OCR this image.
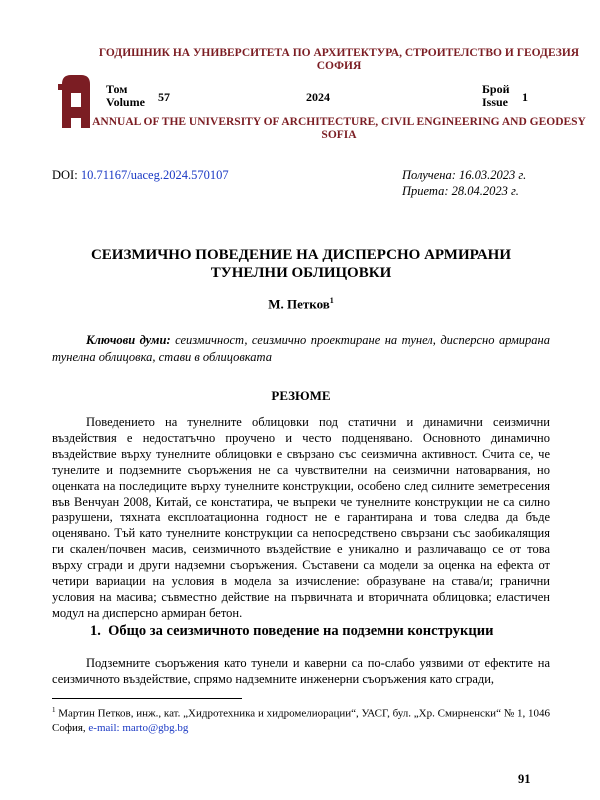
ГОДИШНИК НА УНИВЕРСИТЕТА ПО АРХИТЕКТУРА, СТРОИТЕЛСТВО И ГЕОДЕЗИЯ СОФИЯ
Том
Volume 57	2024
Брой
Issue 1
ANNUAL OF THE UNIVERSITY OF ARCHITECTURE, CIVIL ENGINEERING AND GEODESY SOFIA
DOI: 10.71167/uaceg.2024.570107	Получена: 16.03.2023 г.
Приета: 28.04.2023 г.
СЕИЗМИЧНО ПОВЕДЕНИЕ НА ДИСПЕРСНО АРМИРАНИ ТУНЕЛНИ ОБЛИЦОВКИ
М. Петков$^1$
Ключови думи: сеизмичност, сеизмично проектиране на тунел, дисперсно армирана тунелна облицовка, стави в облицовката
РЕЗЮМЕ

Поведението на тунелните облицовки под статични и динамични сеизмични въздействия е недостатъчно проучено и често подценявано. Основното динамично въздействие върху тунелните облицовки е свързано със сеизмична активност. Счита се, че тунелите и подземните съоръжения не са чувствителни на сеизмични натоварвания, но оценката на последиците върху тунелните конструкции, особено след силните земетресения във Венчуан 2008, Китай, се констатира, че въпреки че тунелните конструкции не са силно разрушени, тяхната експлоатационна годност не е гарантирана и това следва да бъде оценявано. Тъй като тунелните конструкции са непосредствено свързани със заобикалящия ги скален/почвен масив, сеизмичното въздействие е уникално и различаващо се от това върху сгради и други надземни съоръжения. Съставени са модели за оценка на ефекта от четири вариации на условия в модела за изчисление: образуване на става/и; гранични условия на масива; съвместно действие на първичната и вторичната облицовка; еластичен модул на дисперсно армиран бетон.

1. Общо за сеизмичното поведение на подземни конструкции

Подземните съоръжения като тунели и каверни са по-слабо уязвими от ефектите на сеизмичното въздействие, спрямо надземните инженерни съоръжения като сгради,

$^1$ Мартин Петков, инж., кат. „Хидротехника и хидромелиорации“, УАСГ, бул. „Хр. Смирненски“ № 1, 1046 София, e-mail: marto@gbg.bg

91
